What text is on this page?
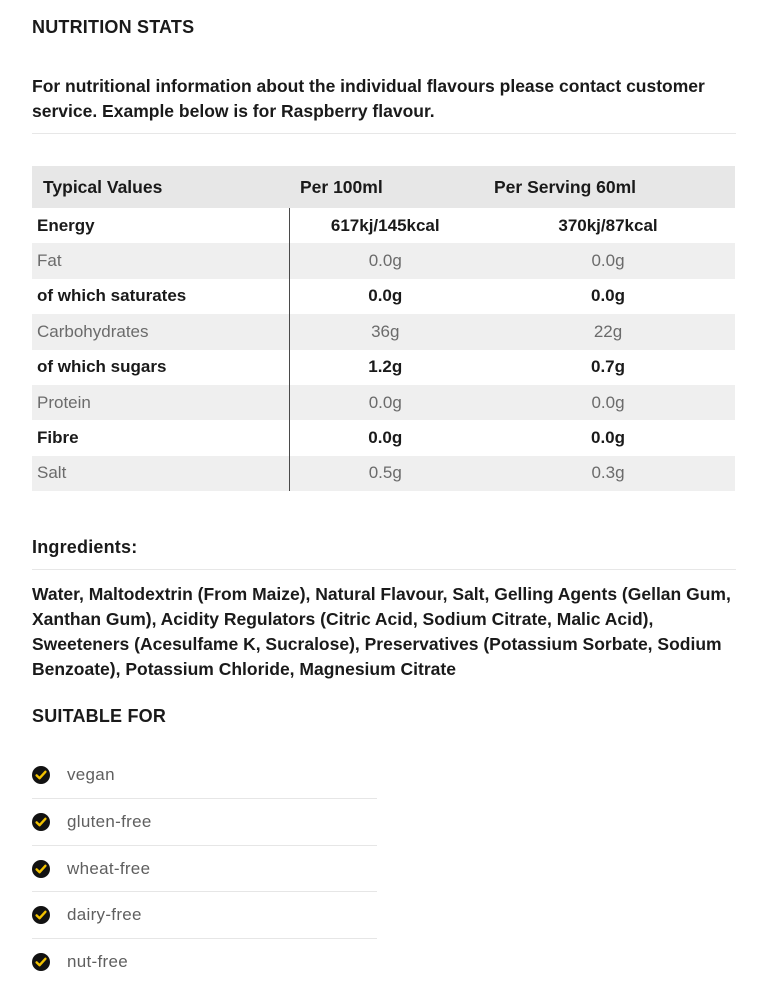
NUTRITION STATS
For nutritional information about the individual flavours please contact customer service. Example below is for Raspberry flavour.
Typical Values	Per 100ml	Per Serving 60ml
Energy	617kj/145kcal	370kj/87kcal
Fat	0.0g	0.0g
of which saturates	0.0g	0.0g
Carbohydrates	36g	22g
of which sugars	1.2g	0.7g
Protein	0.0g	0.0g
Fibre	0.0g	0.0g
Salt	0.5g	0.3g
Ingredients:
Water, Maltodextrin (From Maize), Natural Flavour, Salt, Gelling Agents (Gellan Gum, Xanthan Gum), Acidity Regulators (Citric Acid, Sodium Citrate, Malic Acid), Sweeteners (Acesulfame K, Sucralose), Preservatives (Potassium Sorbate, Sodium Benzoate), Potassium Chloride, Magnesium Citrate
SUITABLE FOR
vegan
gluten-free
wheat-free
dairy-free
nut-free
